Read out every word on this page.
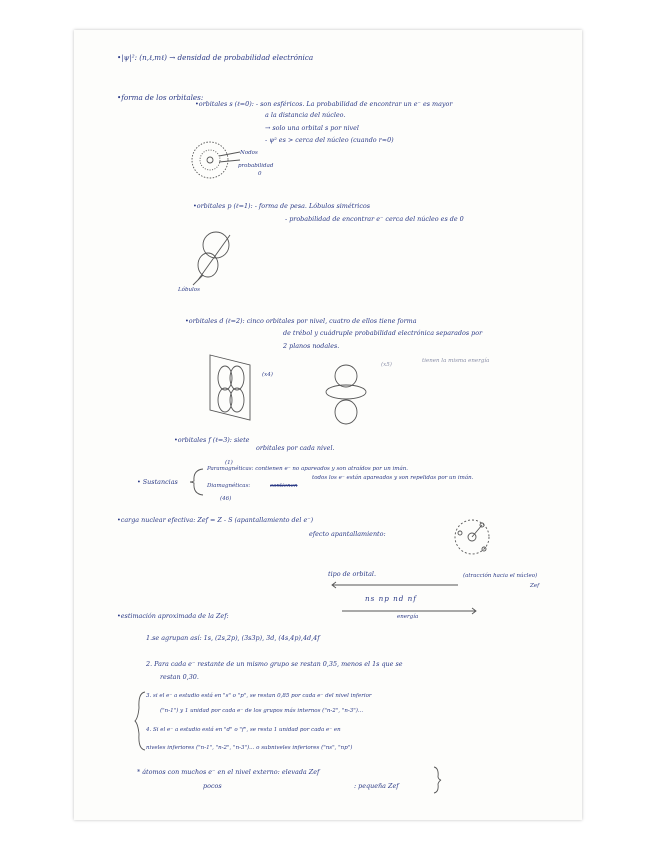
•|ψ|²: (n,ℓ,mℓ) → densidad de probabilidad electrónica
•forma de los orbitales:
•orbitales s (ℓ=0): - son esféricos. La probabilidad de encontrar un e⁻ es mayor
a la distancia del núcleo.
→ solo una orbital s por nivel
- ψ² es > cerca del núcleo (cuando r≈0)
Nodos
probabilidad
0
•orbitales p (ℓ=1): - forma de pesa. Lóbulos simétricos
- probabilidad de encontrar e⁻ cerca del núcleo es de 0
Lóbulos
•orbitales d (ℓ=2): cinco orbitales por nivel, cuatro de ellos tiene forma
de trébol y cuádruple probabilidad electrónica separados por
2 planos nodales.
(x4)
(x5)
tienen la misma energía
•orbitales f (ℓ=3): siete
orbitales por cada nivel.
(1)
• Sustancias
Paramagnéticas: contienen e⁻ no apareados y son atraídos por un imán.
Diamagnéticas:	contienen
todos los e⁻ están apareados y son repelidas por un imán.
(46)
•carga nuclear efectiva: Zef = Z - S (apantallamiento del e⁻)
efecto apantallamiento:
tipo de orbital.	(atracción hacia el núcleo)
Zef
ns np nd nf
energía
•estimación aproximada de la Zef:
1.se agrupan así: 1s, (2s,2p), (3s3p), 3d, (4s,4p),4d,4f
2. Para cada e⁻ restante de un mismo grupo se restan 0,35, menos el 1s que se
restan 0,30.
3. si el e⁻ a estudio está en "s" o "p", se restan 0,85 por cada e⁻ del nivel inferior
("n-1") y 1 unidad por cada e⁻ de los grupos más internos ("n-2", "n-3")...
4. Si el e⁻ a estudio está en "d" o "f", se resta 1 unidad por cada e⁻ en
niveles inferiores ("n-1", "n-2", "n-3")... o subniveles inferiores ("ns", "np")
* átomos con muchos e⁻ en el nivel externo: elevada Zef
pocos	: pequeña Zef
